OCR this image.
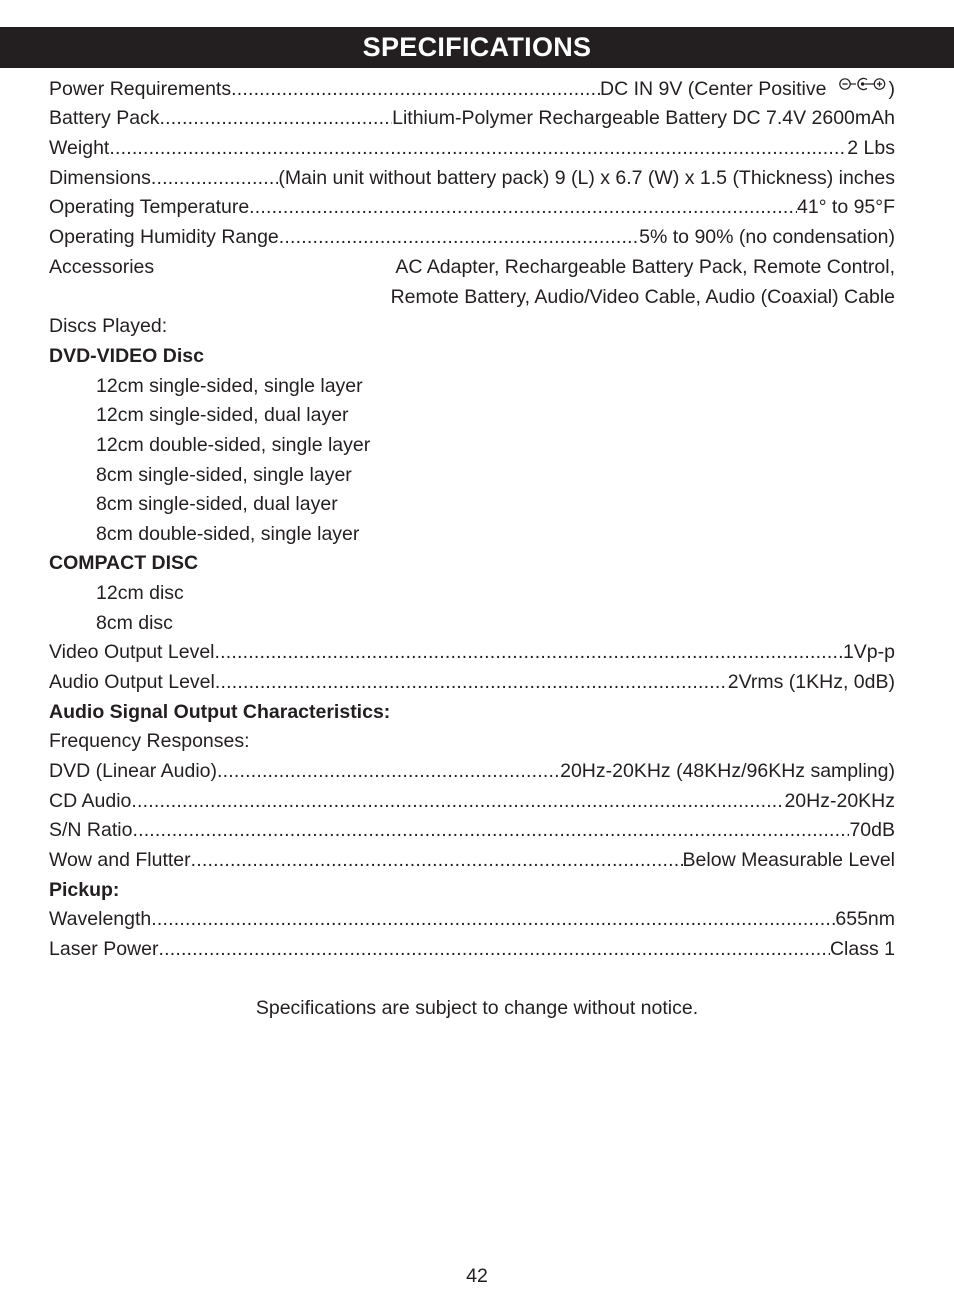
SPECIFICATIONS
Power Requirements .....	DC IN 9V (Center Positive	)
Battery Pack .....	Lithium-Polymer Rechargeable Battery DC 7.4V 2600mAh
Weight .....	2 Lbs
Dimensions .....	(Main unit without battery pack) 9 (L) x 6.7 (W) x 1.5 (Thickness) inches
Operating Temperature .....	41° to 95°F
Operating Humidity Range .....	5% to 90% (no condensation)
Accessories	AC Adapter, Rechargeable Battery Pack, Remote Control,
Remote Battery, Audio/Video Cable, Audio (Coaxial) Cable
Discs Played:
DVD-VIDEO Disc
12cm single-sided, single layer
12cm single-sided, dual layer
12cm double-sided, single layer
8cm single-sided, single layer
8cm single-sided, dual layer
8cm double-sided, single layer
COMPACT DISC
12cm disc
8cm disc
Video Output Level .....	1Vp-p
Audio Output Level .....	2Vrms (1KHz, 0dB)
Audio Signal Output Characteristics:
Frequency Responses:
DVD (Linear Audio) .....	20Hz-20KHz (48KHz/96KHz sampling)
CD Audio .....	20Hz-20KHz
S/N Ratio .....	70dB
Wow and Flutter .....	Below Measurable Level
Pickup:
Wavelength .....	655nm
Laser Power .....	Class 1
Specifications are subject to change without notice.
42
